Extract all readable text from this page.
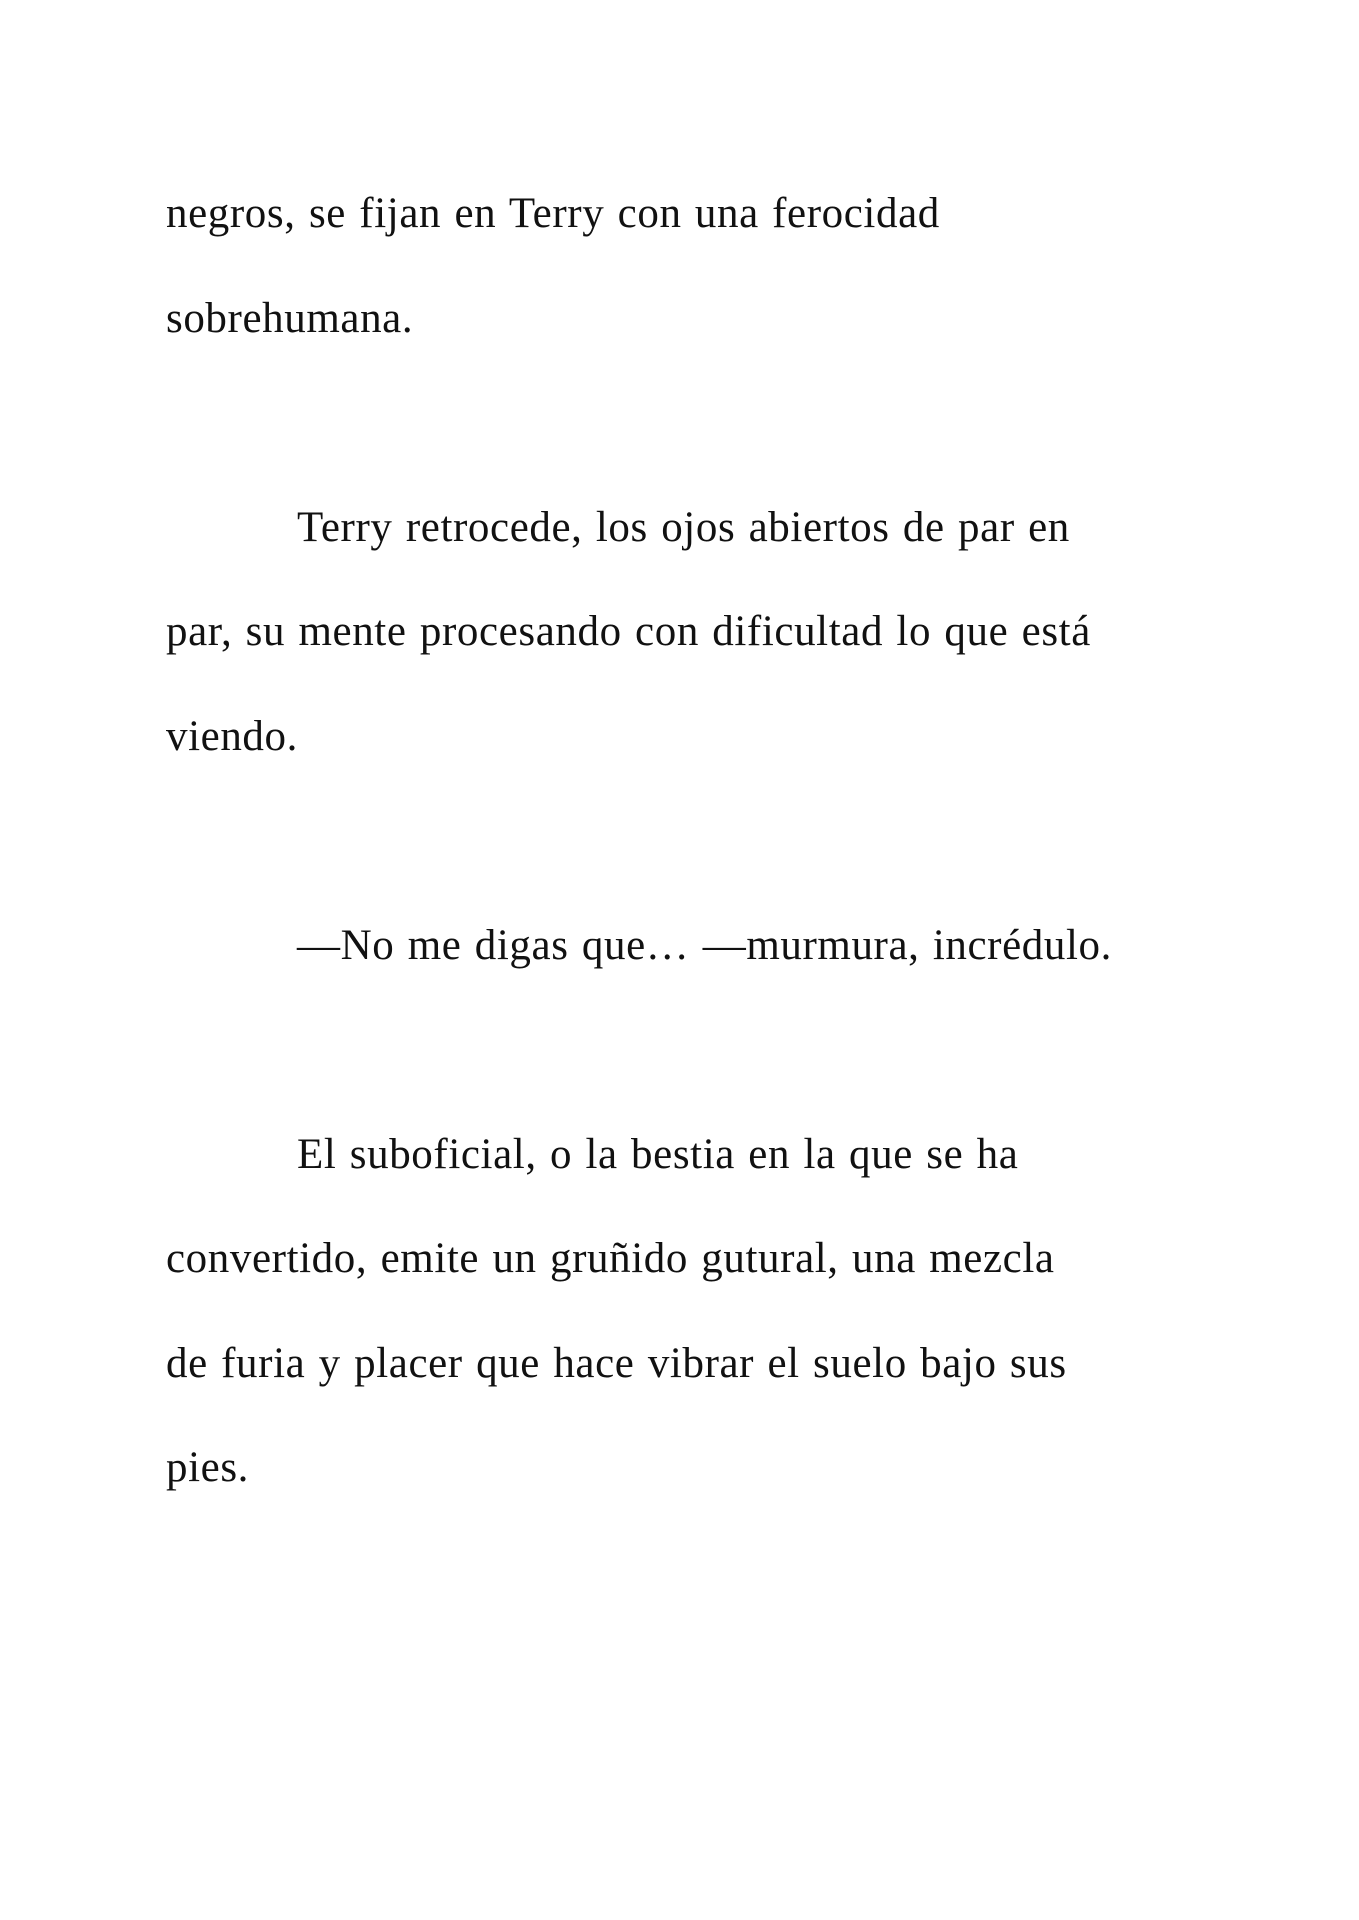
negros, se fijan en Terry con una ferocidad
sobrehumana.

Terry retrocede, los ojos abiertos de par en
par, su mente procesando con dificultad lo que está
viendo.

—No me digas que… —murmura, incrédulo.

El suboficial, o la bestia en la que se ha
convertido, emite un gruñido gutural, una mezcla
de furia y placer que hace vibrar el suelo bajo sus
pies.
